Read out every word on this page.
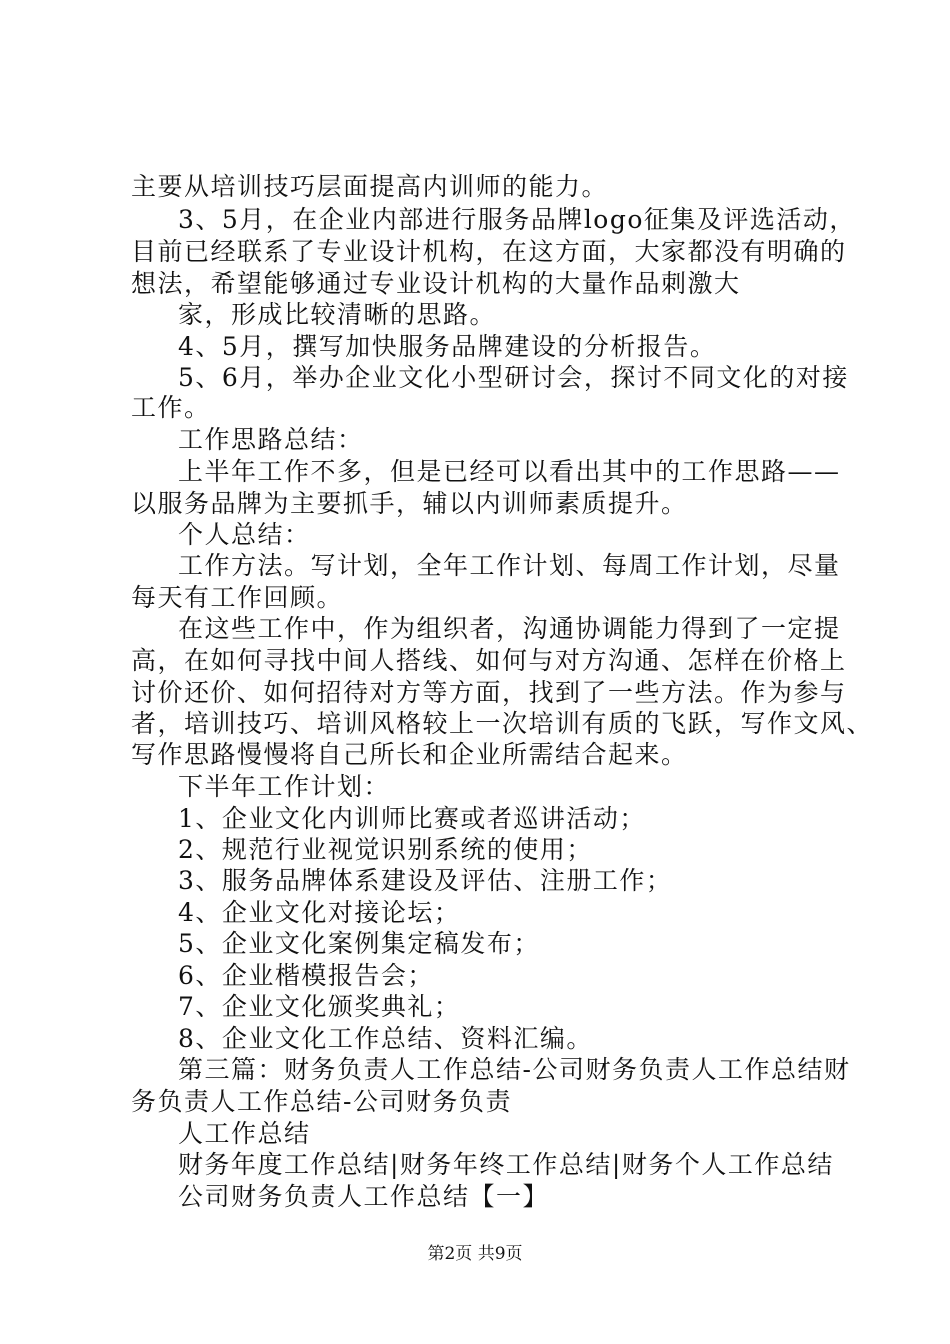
主要从培训技巧层面提高内训师的能力。
3、5月，在企业内部进行服务品牌logo征集及评选活动，
目前已经联系了专业设计机构，在这方面，大家都没有明确的
想法，希望能够通过专业设计机构的大量作品刺激大
家，形成比较清晰的思路。
4、5月，撰写加快服务品牌建设的分析报告。
5、6月，举办企业文化小型研讨会，探讨不同文化的对接
工作。
工作思路总结：
上半年工作不多，但是已经可以看出其中的工作思路——
以服务品牌为主要抓手，辅以内训师素质提升。
个人总结：
工作方法。写计划，全年工作计划、每周工作计划，尽量
每天有工作回顾。
在这些工作中，作为组织者，沟通协调能力得到了一定提
高，在如何寻找中间人搭线、如何与对方沟通、怎样在价格上
讨价还价、如何招待对方等方面，找到了一些方法。作为参与
者，培训技巧、培训风格较上一次培训有质的飞跃，写作文风、
写作思路慢慢将自己所长和企业所需结合起来。
下半年工作计划：
1、企业文化内训师比赛或者巡讲活动；
2、规范行业视觉识别系统的使用；
3、服务品牌体系建设及评估、注册工作；
4、企业文化对接论坛；
5、企业文化案例集定稿发布；
6、企业楷模报告会；
7、企业文化颁奖典礼；
8、企业文化工作总结、资料汇编。
第三篇：财务负责人工作总结-公司财务负责人工作总结财
务负责人工作总结-公司财务负责
人工作总结
财务年度工作总结|财务年终工作总结|财务个人工作总结
公司财务负责人工作总结【一】
第2页 共9页
